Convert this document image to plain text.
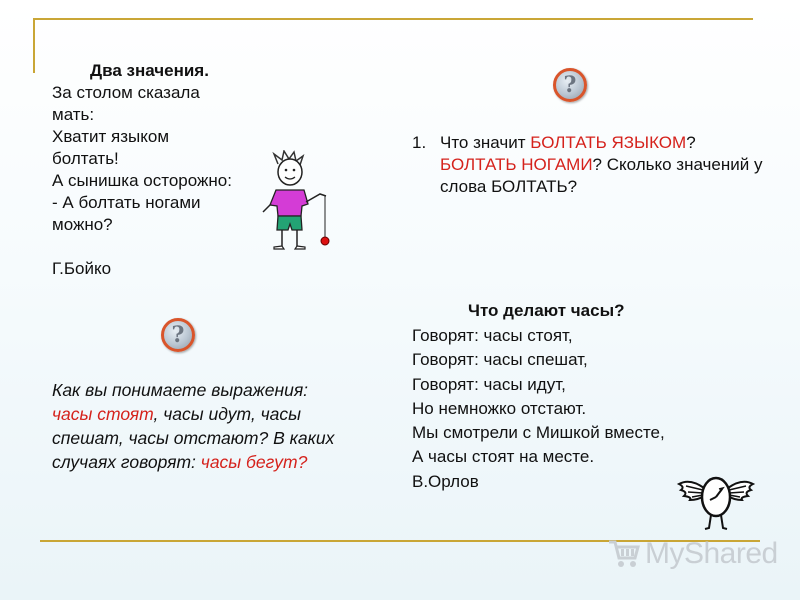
Два значения.
За столом сказала
мать:
Хватит языком
болтать!
А сынишка осторожно:
- А болтать ногами
можно?
Г.Бойко
?
?
1. Что значит БОЛТАТЬ ЯЗЫКОМ?
БОЛТАТЬ НОГАМИ? Сколько значений у слова БОЛТАТЬ?
Что делают часы?
Говорят: часы стоят,
Говорят: часы спешат,
Говорят: часы идут,
Но немножко отстают.
Мы смотрели с Мишкой вместе,
А часы стоят на месте.
В.Орлов
Как вы понимаете выражения:
часы стоят, часы идут, часы спешат, часы отстают? В каких случаях говорят: часы бегут?
MyShared
